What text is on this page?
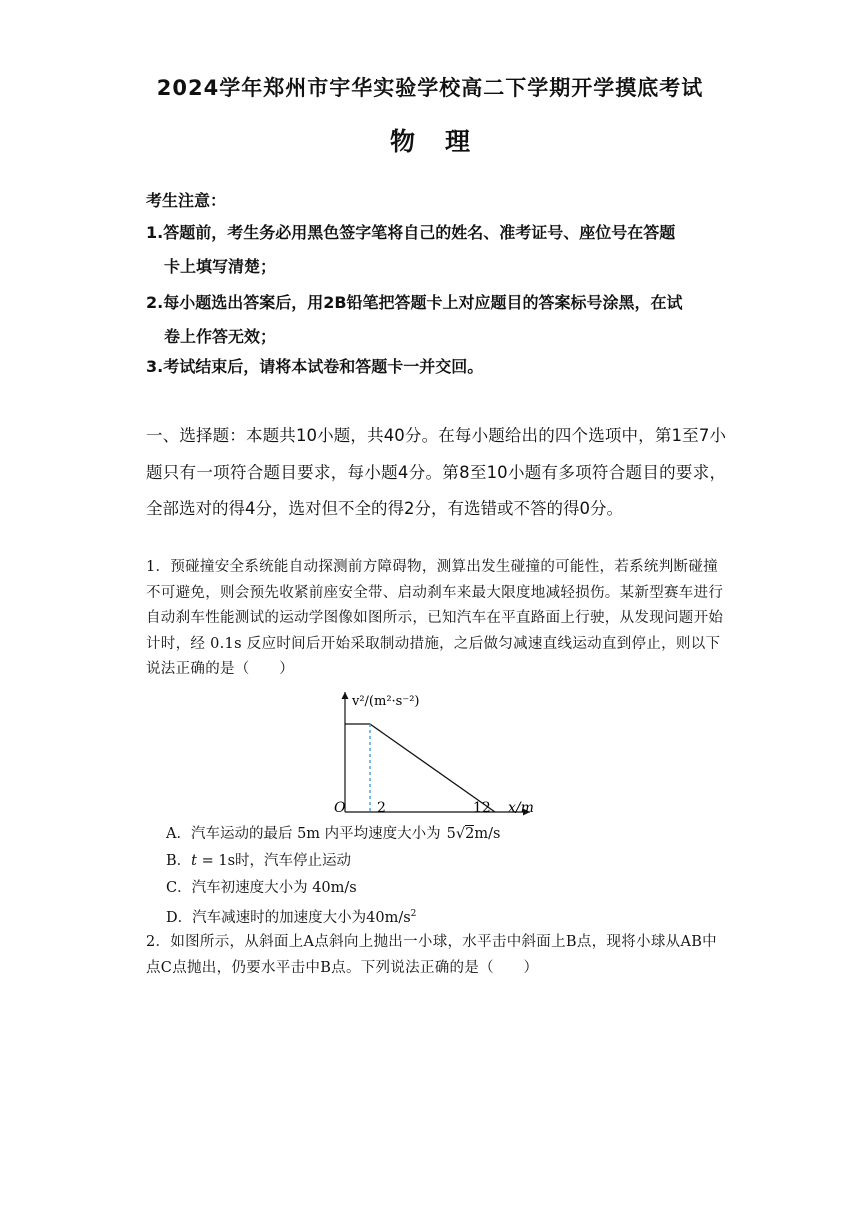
2024学年郑州市宇华实验学校高二下学期开学摸底考试
物理
考生注意：
1.答题前，考生务必用黑色签字笔将自己的姓名、准考证号、座位号在答题
卡上填写清楚；
2.每小题选出答案后，用2B铅笔把答题卡上对应题目的答案标号涂黑，在试
卷上作答无效；
3.考试结束后，请将本试卷和答题卡一并交回。
一、选择题：本题共10小题，共40分。在每小题给出的四个选项中，第1至7小题只有一项符合题目要求，每小题4分。第8至10小题有多项符合题目的要求，全部选对的得4分，选对但不全的得2分，有选错或不答的得0分。
1．预碰撞安全系统能自动探测前方障碍物，测算出发生碰撞的可能性，若系统判断碰撞不可避免，则会预先收紧前座安全带、启动刹车来最大限度地减轻损伤。某新型赛车进行自动刹车性能测试的运动学图像如图所示，已知汽车在平直路面上行驶，从发现问题开始计时，经 0.1s 反应时间后开始采取制动措施，之后做匀减速直线运动直到停止，则以下说法正确的是（　　）
v²/(m²·s⁻²)
O 2	12 x/m
A．汽车运动的最后 5m 内平均速度大小为 5√2m/s
B．t = 1s时，汽车停止运动
C．汽车初速度大小为 40m/s
D．汽车减速时的加速度大小为$40m/s^2$
2．如图所示，从斜面上A点斜向上抛出一小球，水平击中斜面上B点，现将小球从AB中点C点抛出，仍要水平击中B点。下列说法正确的是（　　）
